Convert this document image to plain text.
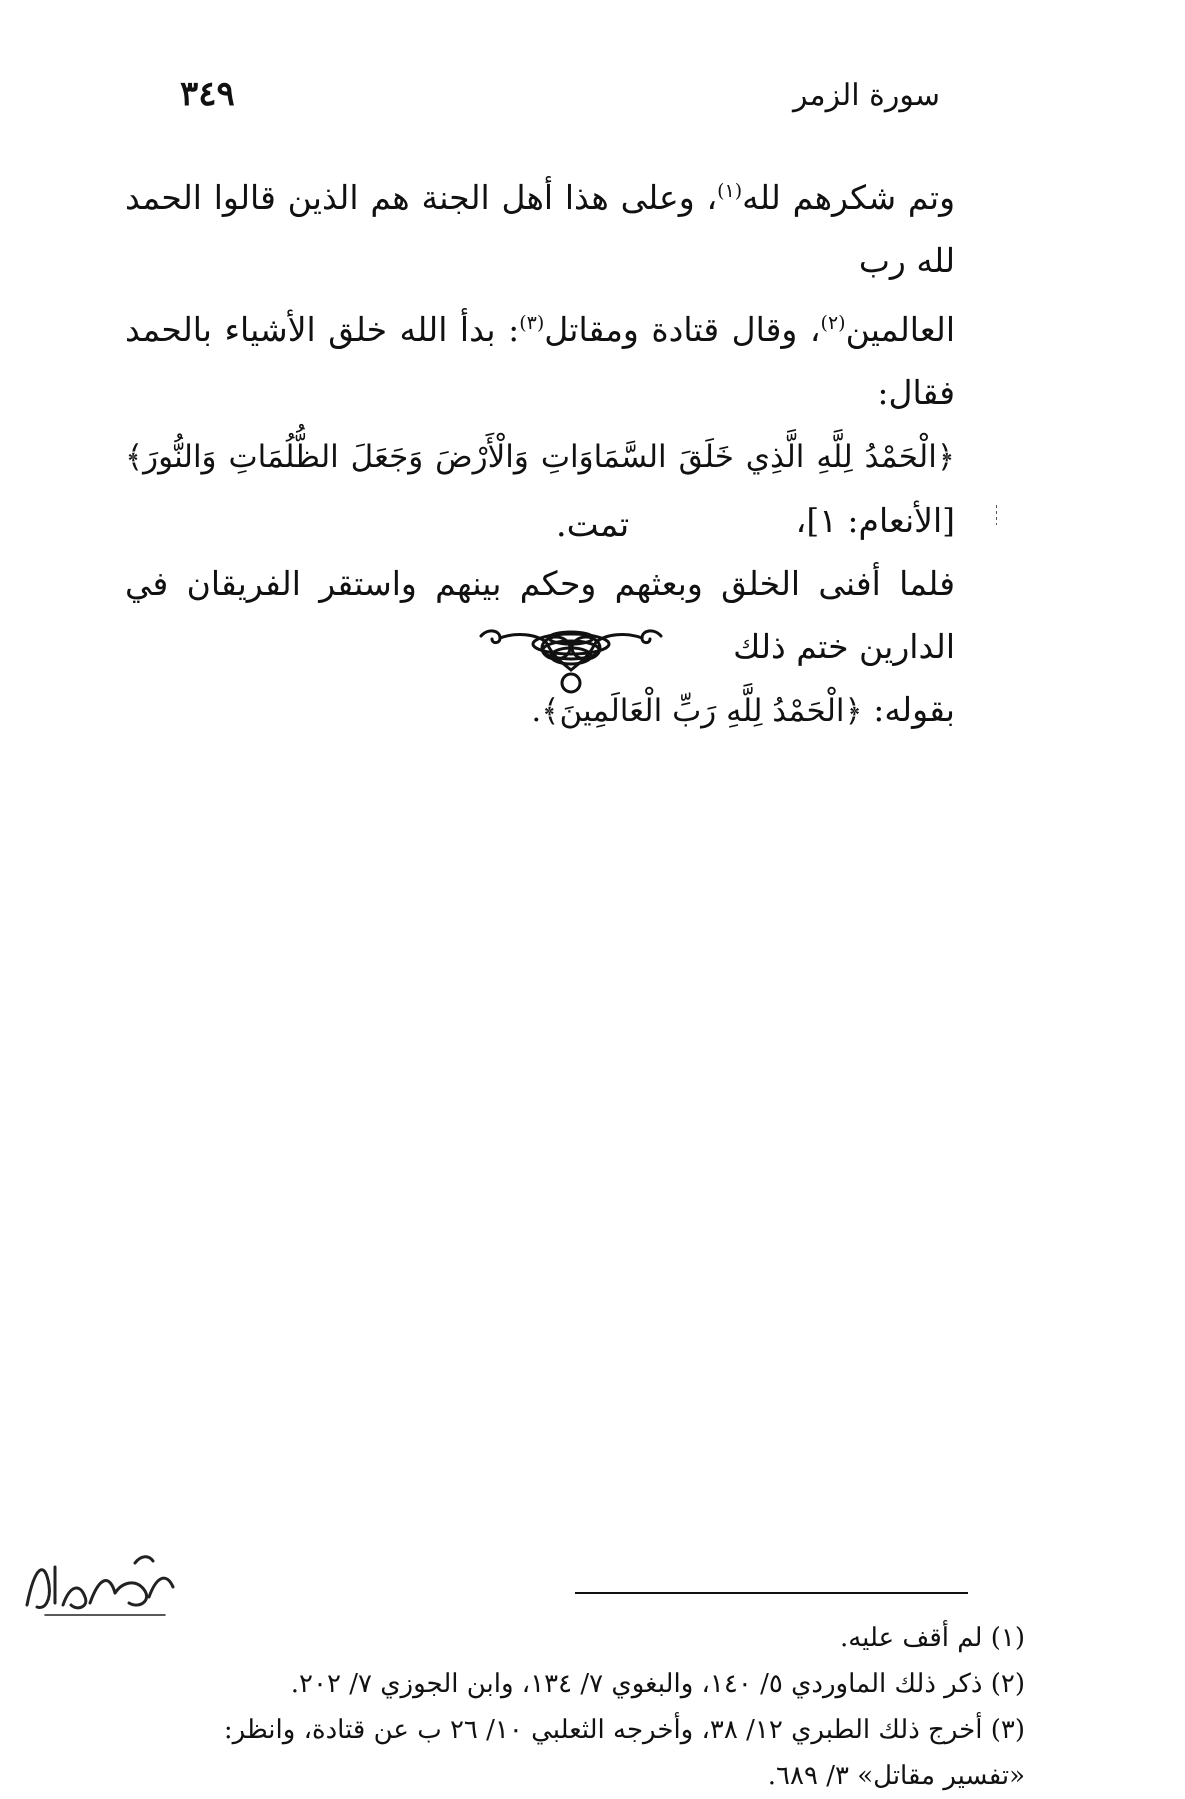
سورة الزمر
٣٤٩

وتم شكرهم لله$^{(١)}$، وعلى هذا أهل الجنة هم الذين قالوا الحمد لله رب

العالمين$^{(٢)}$، وقال قتادة ومقاتل$^{(٣)}$: بدأ الله خلق الأشياء بالحمد فقال:

﴿الْحَمْدُ لِلَّهِ الَّذِي خَلَقَ السَّمَاوَاتِ وَالْأَرْضَ وَجَعَلَ الظُّلُمَاتِ وَالنُّورَ﴾ [الأنعام: ١]،

فلما أفنى الخلق وبعثهم وحكم بينهم واستقر الفريقان في الدارين ختم ذلك

بقوله: ﴿الْحَمْدُ لِلَّهِ رَبِّ الْعَالَمِينَ﴾.

تمت.
(١) لم أقف عليه.
(٢) ذكر ذلك الماوردي ٥/ ١٤٠، والبغوي ٧/ ١٣٤، وابن الجوزي ٧/ ٢٠٢.
(٣) أخرج ذلك الطبري ١٢/ ٣٨، وأخرجه الثعلبي ١٠/ ٢٦ ب عن قتادة، وانظر:
«تفسير مقاتل» ٣/ ٦٨٩.
